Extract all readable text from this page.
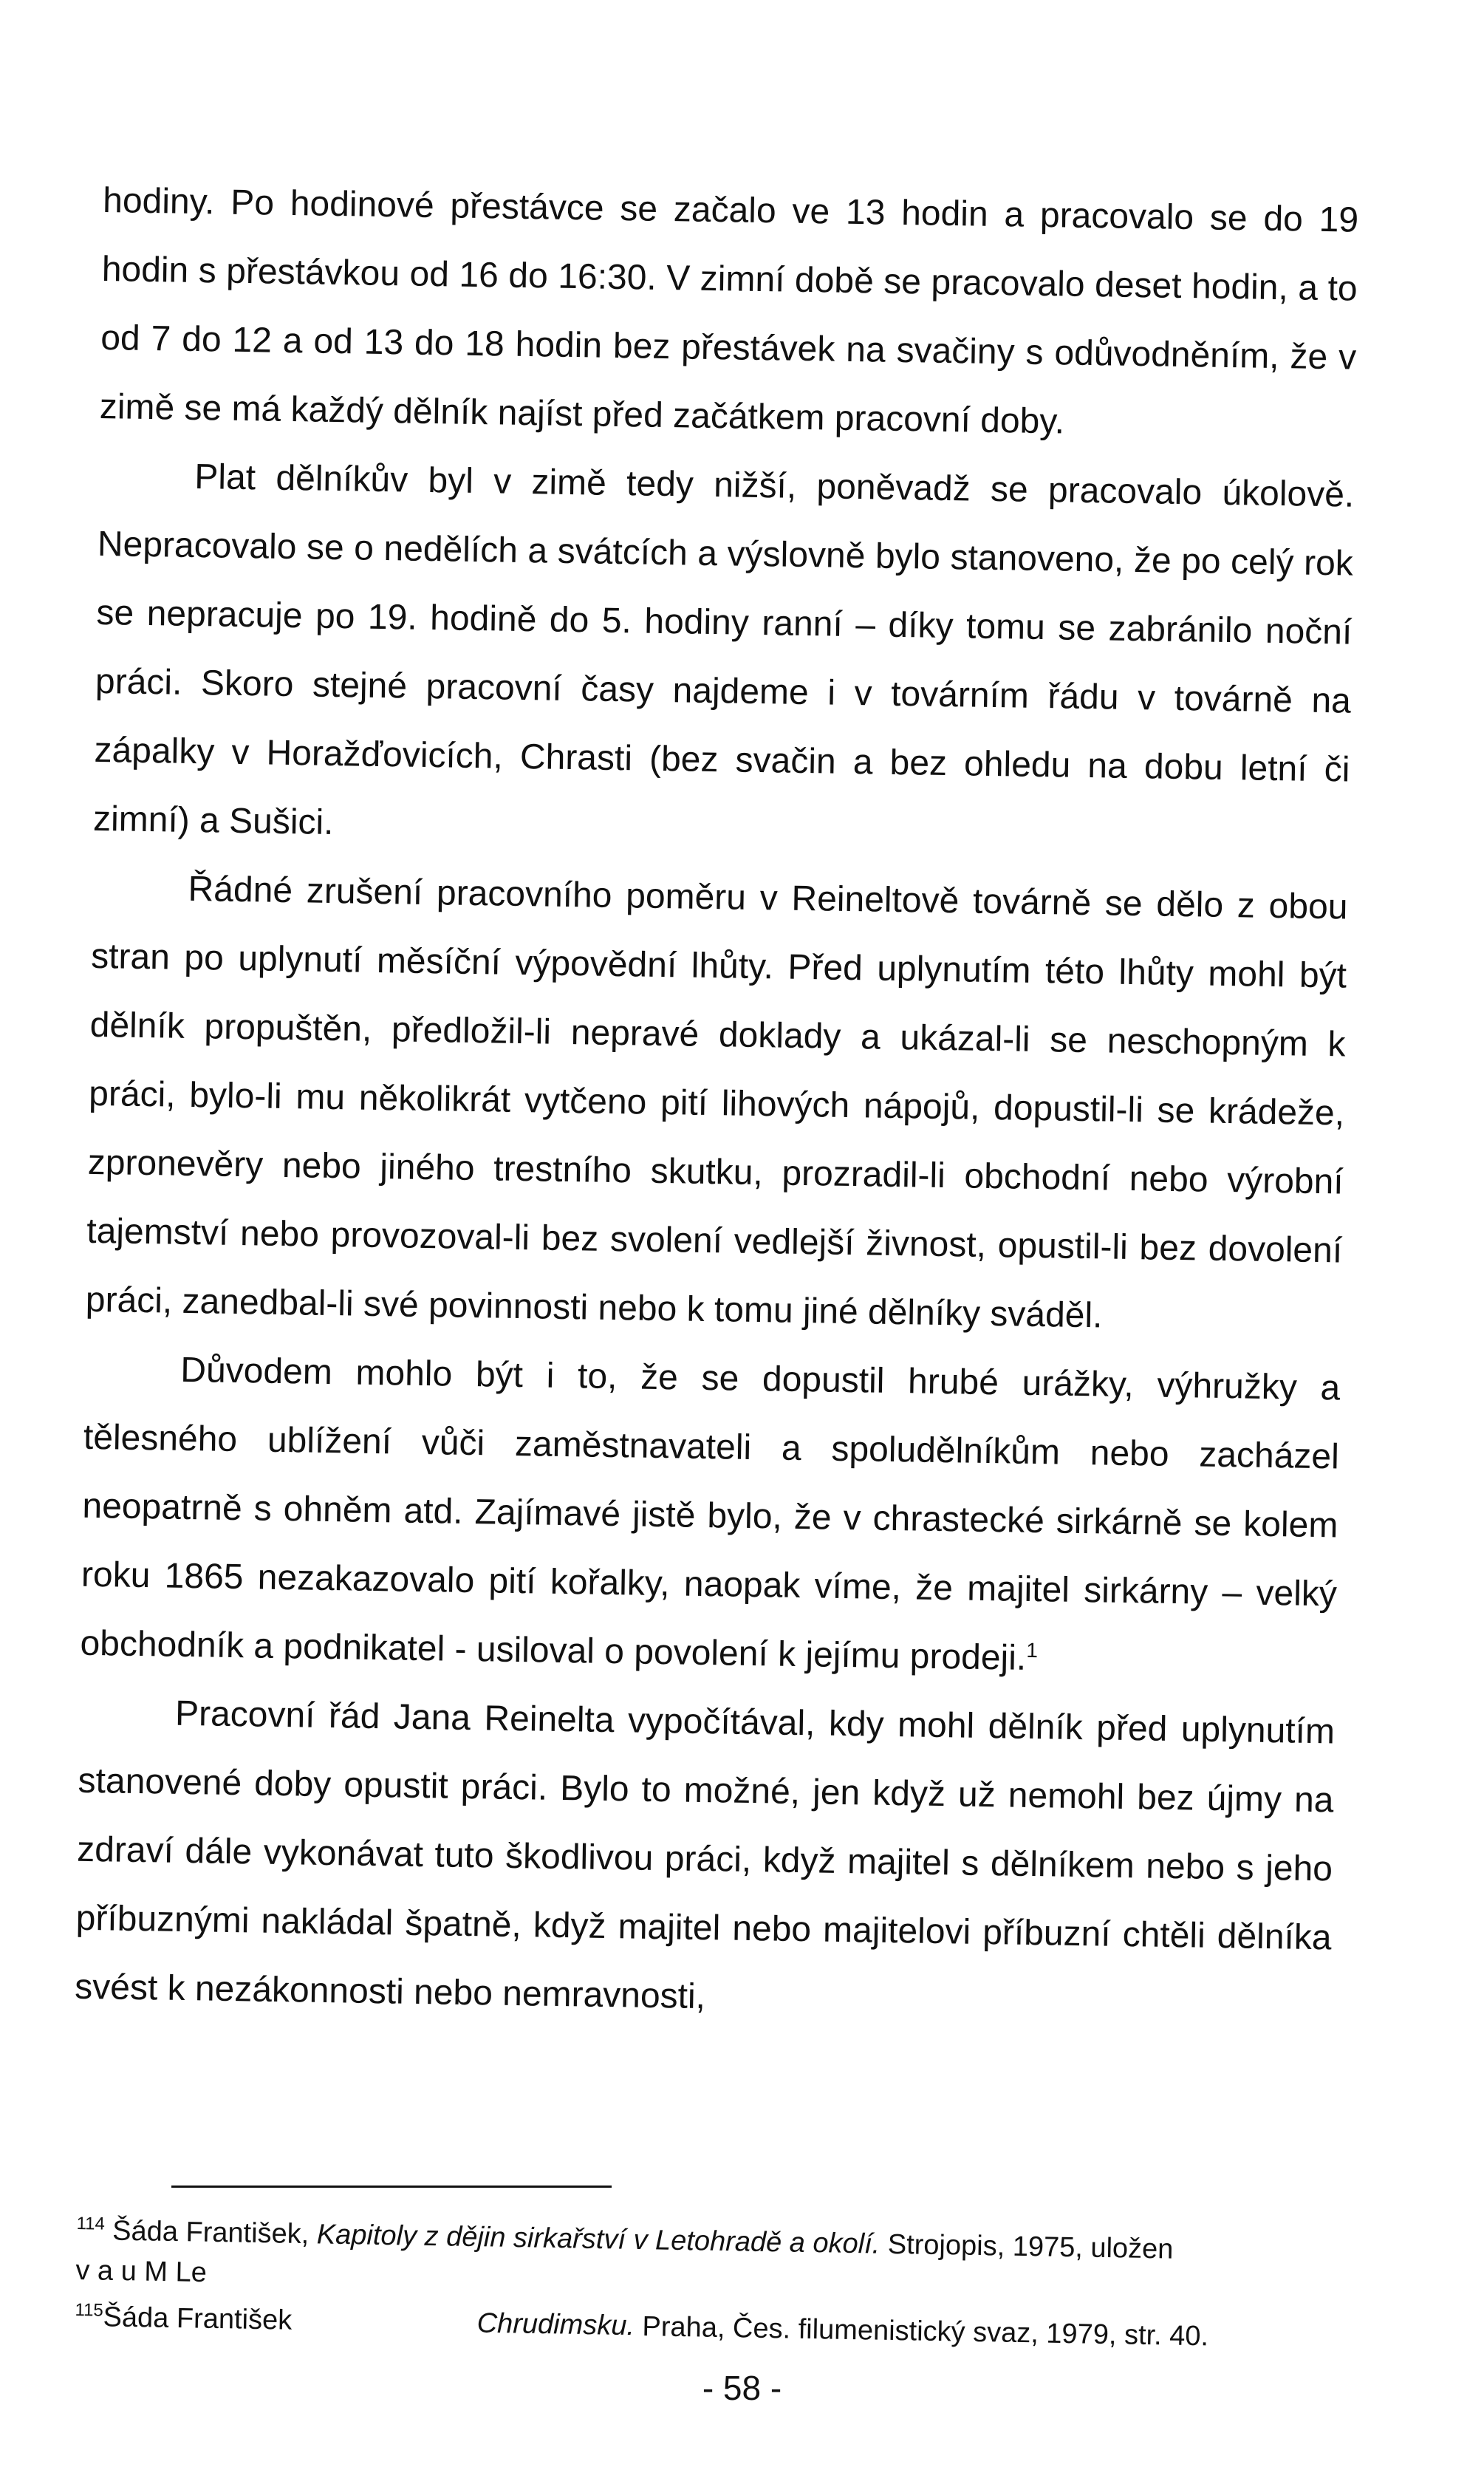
hodiny. Po hodinové přestávce se začalo ve 13 hodin a pracovalo se do 19 hodin s přestávkou od 16 do 16:30. V zimní době se pracovalo deset hodin, a to od 7 do 12 a od 13 do 18 hodin bez přestávek na svačiny s odůvodněním, že v zimě se má každý dělník najíst před začátkem pracovní doby.

Plat dělníkův byl v zimě tedy nižší, poněvadž se pracovalo úkolově. Nepracovalo se o nedělích a svátcích a výslovně bylo stanoveno, že po celý rok se nepracuje po 19. hodině do 5. hodiny ranní – díky tomu se zabránilo noční práci. Skoro stejné pracovní časy najdeme i v továrním řádu v továrně na zápalky v Horažďovicích, Chrasti (bez svačin a bez ohledu na dobu letní či zimní) a Sušici.

Řádné zrušení pracovního poměru v Reineltově továrně se dělo z obou stran po uplynutí měsíční výpovědní lhůty. Před uplynutím této lhůty mohl být dělník propuštěn, předložil-li nepravé doklady a ukázal-li se neschopným k práci, bylo-li mu několikrát vytčeno pití lihových nápojů, dopustil-li se krádeže, zpronevěry nebo jiného trestního skutku, prozradil-li obchodní nebo výrobní tajemství nebo provozoval-li bez svolení vedlejší živnost, opustil-li bez dovolení práci, zanedbal-li své povinnosti nebo k tomu jiné dělníky sváděl.

Důvodem mohlo být i to, že se dopustil hrubé urážky, výhružky a tělesného ublížení vůči zaměstnavateli a spoludělníkům nebo zacházel neopatrně s ohněm atd. Zajímavé jistě bylo, že v chrastecké sirkárně se kolem roku 1865 nezakazovalo pití kořalky, naopak víme, že majitel sirkárny – velký obchodník a podnikatel - usiloval o povolení k jejímu prodeji.$^1$

Pracovní řád Jana Reinelta vypočítával, kdy mohl dělník před uplynutím stanovené doby opustit práci. Bylo to možné, jen když už nemohl bez újmy na zdraví dále vykonávat tuto škodlivou práci, když majitel s dělníkem nebo s jeho příbuznými nakládal špatně, když majitel nebo majitelovi příbuzní chtěli dělníka svést k nezákonnosti nebo nemravnosti,

$^{114}$ Šáda František, Kapitoly z dějin sirkařství v Letohradě a okolí. Strojopis, 1975, uložen

v a u M Le

$^{115}$Šáda František	Chrudimsku. Praha, Čes. filumenistický svaz, 1979, str. 40.

- 58 -
